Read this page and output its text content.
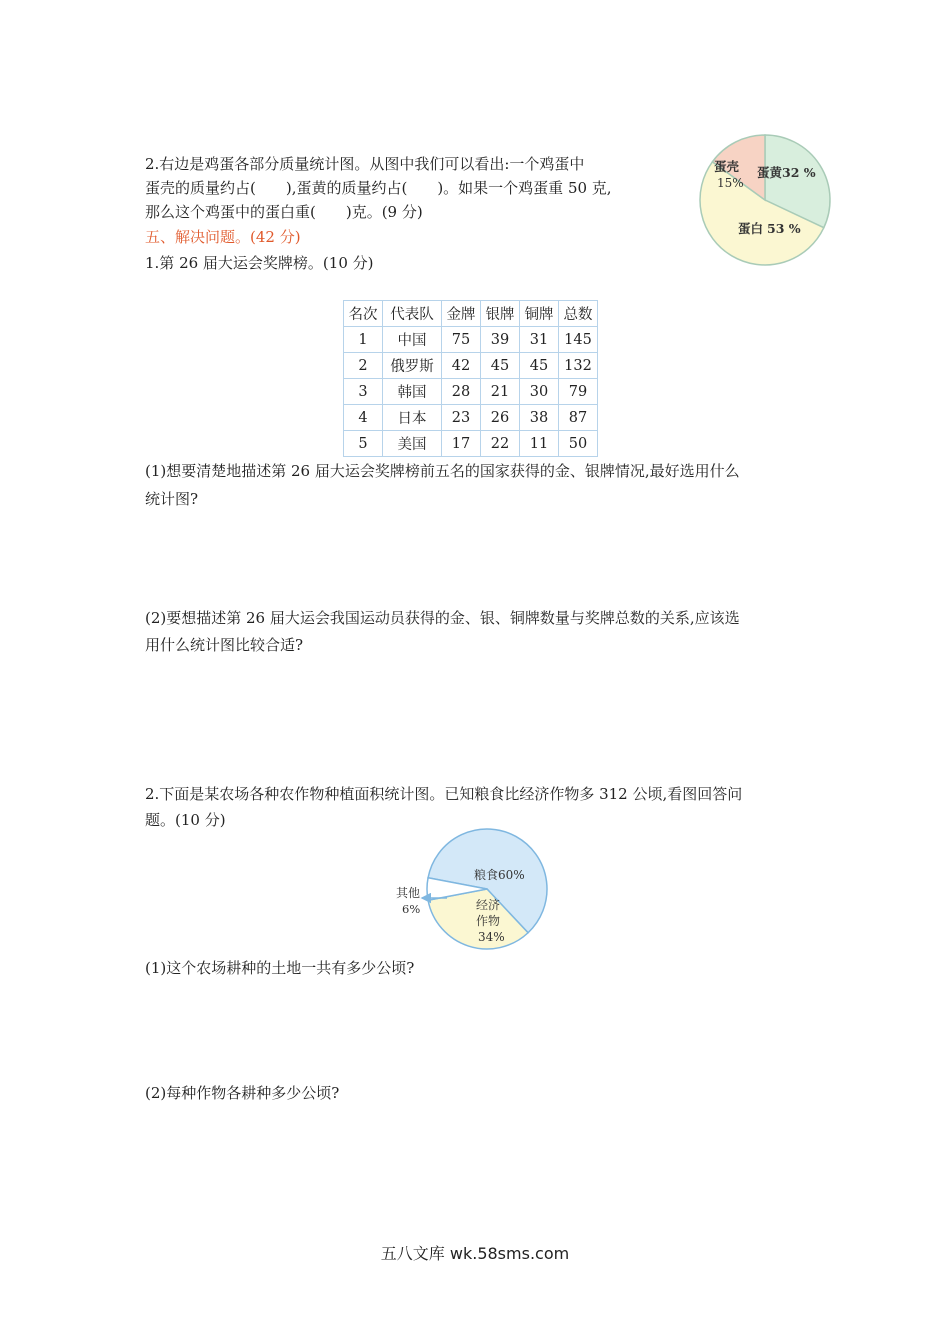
2.右边是鸡蛋各部分质量统计图。从图中我们可以看出:一个鸡蛋中
蛋壳的质量约占(　　),蛋黄的质量约占(　　)。如果一个鸡蛋重 50 克,
那么这个鸡蛋中的蛋白重(　　)克。(9 分)
蛋黄32 %
蛋白 53 %
蛋壳
15%
五、解决问题。(42 分)
1.第 26 届大运会奖牌榜。(10 分)
名次	代表队	金牌	银牌	铜牌	总数
1	中国	75	39	31	145
2	俄罗斯	42	45	45	132
3	韩国	28	21	30	79
4	日本	23	26	38	87
5	美国	17	22	11	50
(1)想要清楚地描述第 26 届大运会奖牌榜前五名的国家获得的金、银牌情况,最好选用什么
统计图?
(2)要想描述第 26 届大运会我国运动员获得的金、银、铜牌数量与奖牌总数的关系,应该选
用什么统计图比较合适?
2.下面是某农场各种农作物种植面积统计图。已知粮食比经济作物多 312 公顷,看图回答问
题。(10 分)
粮食60%
经济
作物
34%
其他
6%
(1)这个农场耕种的土地一共有多少公顷?
(2)每种作物各耕种多少公顷?
五八文库 wk.58sms.com
